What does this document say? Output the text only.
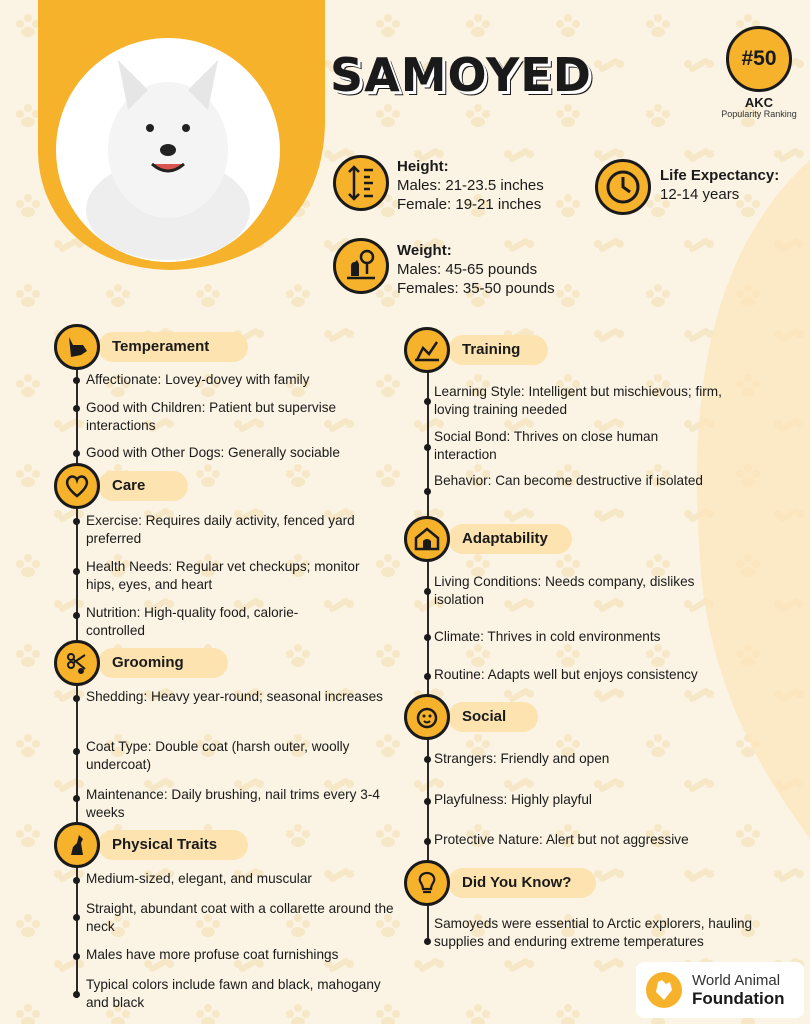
SAMOYED	#50
AKC
Popularity Ranking
Height:
Males: 21-23.5 inches
Female: 19-21 inches
Life Expectancy:
12-14 years
Weight:
Males: 45-65 pounds
Females: 35-50 pounds
Temperament
Affectionate: Lovey-dovey with family
Good with Children: Patient but supervise interactions
Good with Other Dogs: Generally sociable
Care
Exercise: Requires daily activity, fenced yard preferred
Health Needs: Regular vet checkups; monitor hips, eyes, and heart
Nutrition: High-quality food, calorie-controlled
Grooming
Shedding: Heavy year-round; seasonal increases
Coat Type: Double coat (harsh outer, woolly undercoat)
Maintenance: Daily brushing, nail trims every 3-4 weeks
Physical Traits
Medium-sized, elegant, and muscular
Straight, abundant coat with a collarette around the neck
Males have more profuse coat furnishings
Typical colors include fawn and black, mahogany and black
Training
Learning Style: Intelligent but mischievous; firm, loving training needed
Social Bond: Thrives on close human interaction
Behavior: Can become destructive if isolated
Adaptability
Living Conditions: Needs company, dislikes isolation
Climate: Thrives in cold environments
Routine: Adapts well but enjoys consistency
Social
Strangers: Friendly and open
Playfulness: Highly playful
Protective Nature: Alert but not aggressive
Did You Know?
Samoyeds were essential to Arctic explorers, hauling supplies and enduring extreme temperatures
World Animal
Foundation
